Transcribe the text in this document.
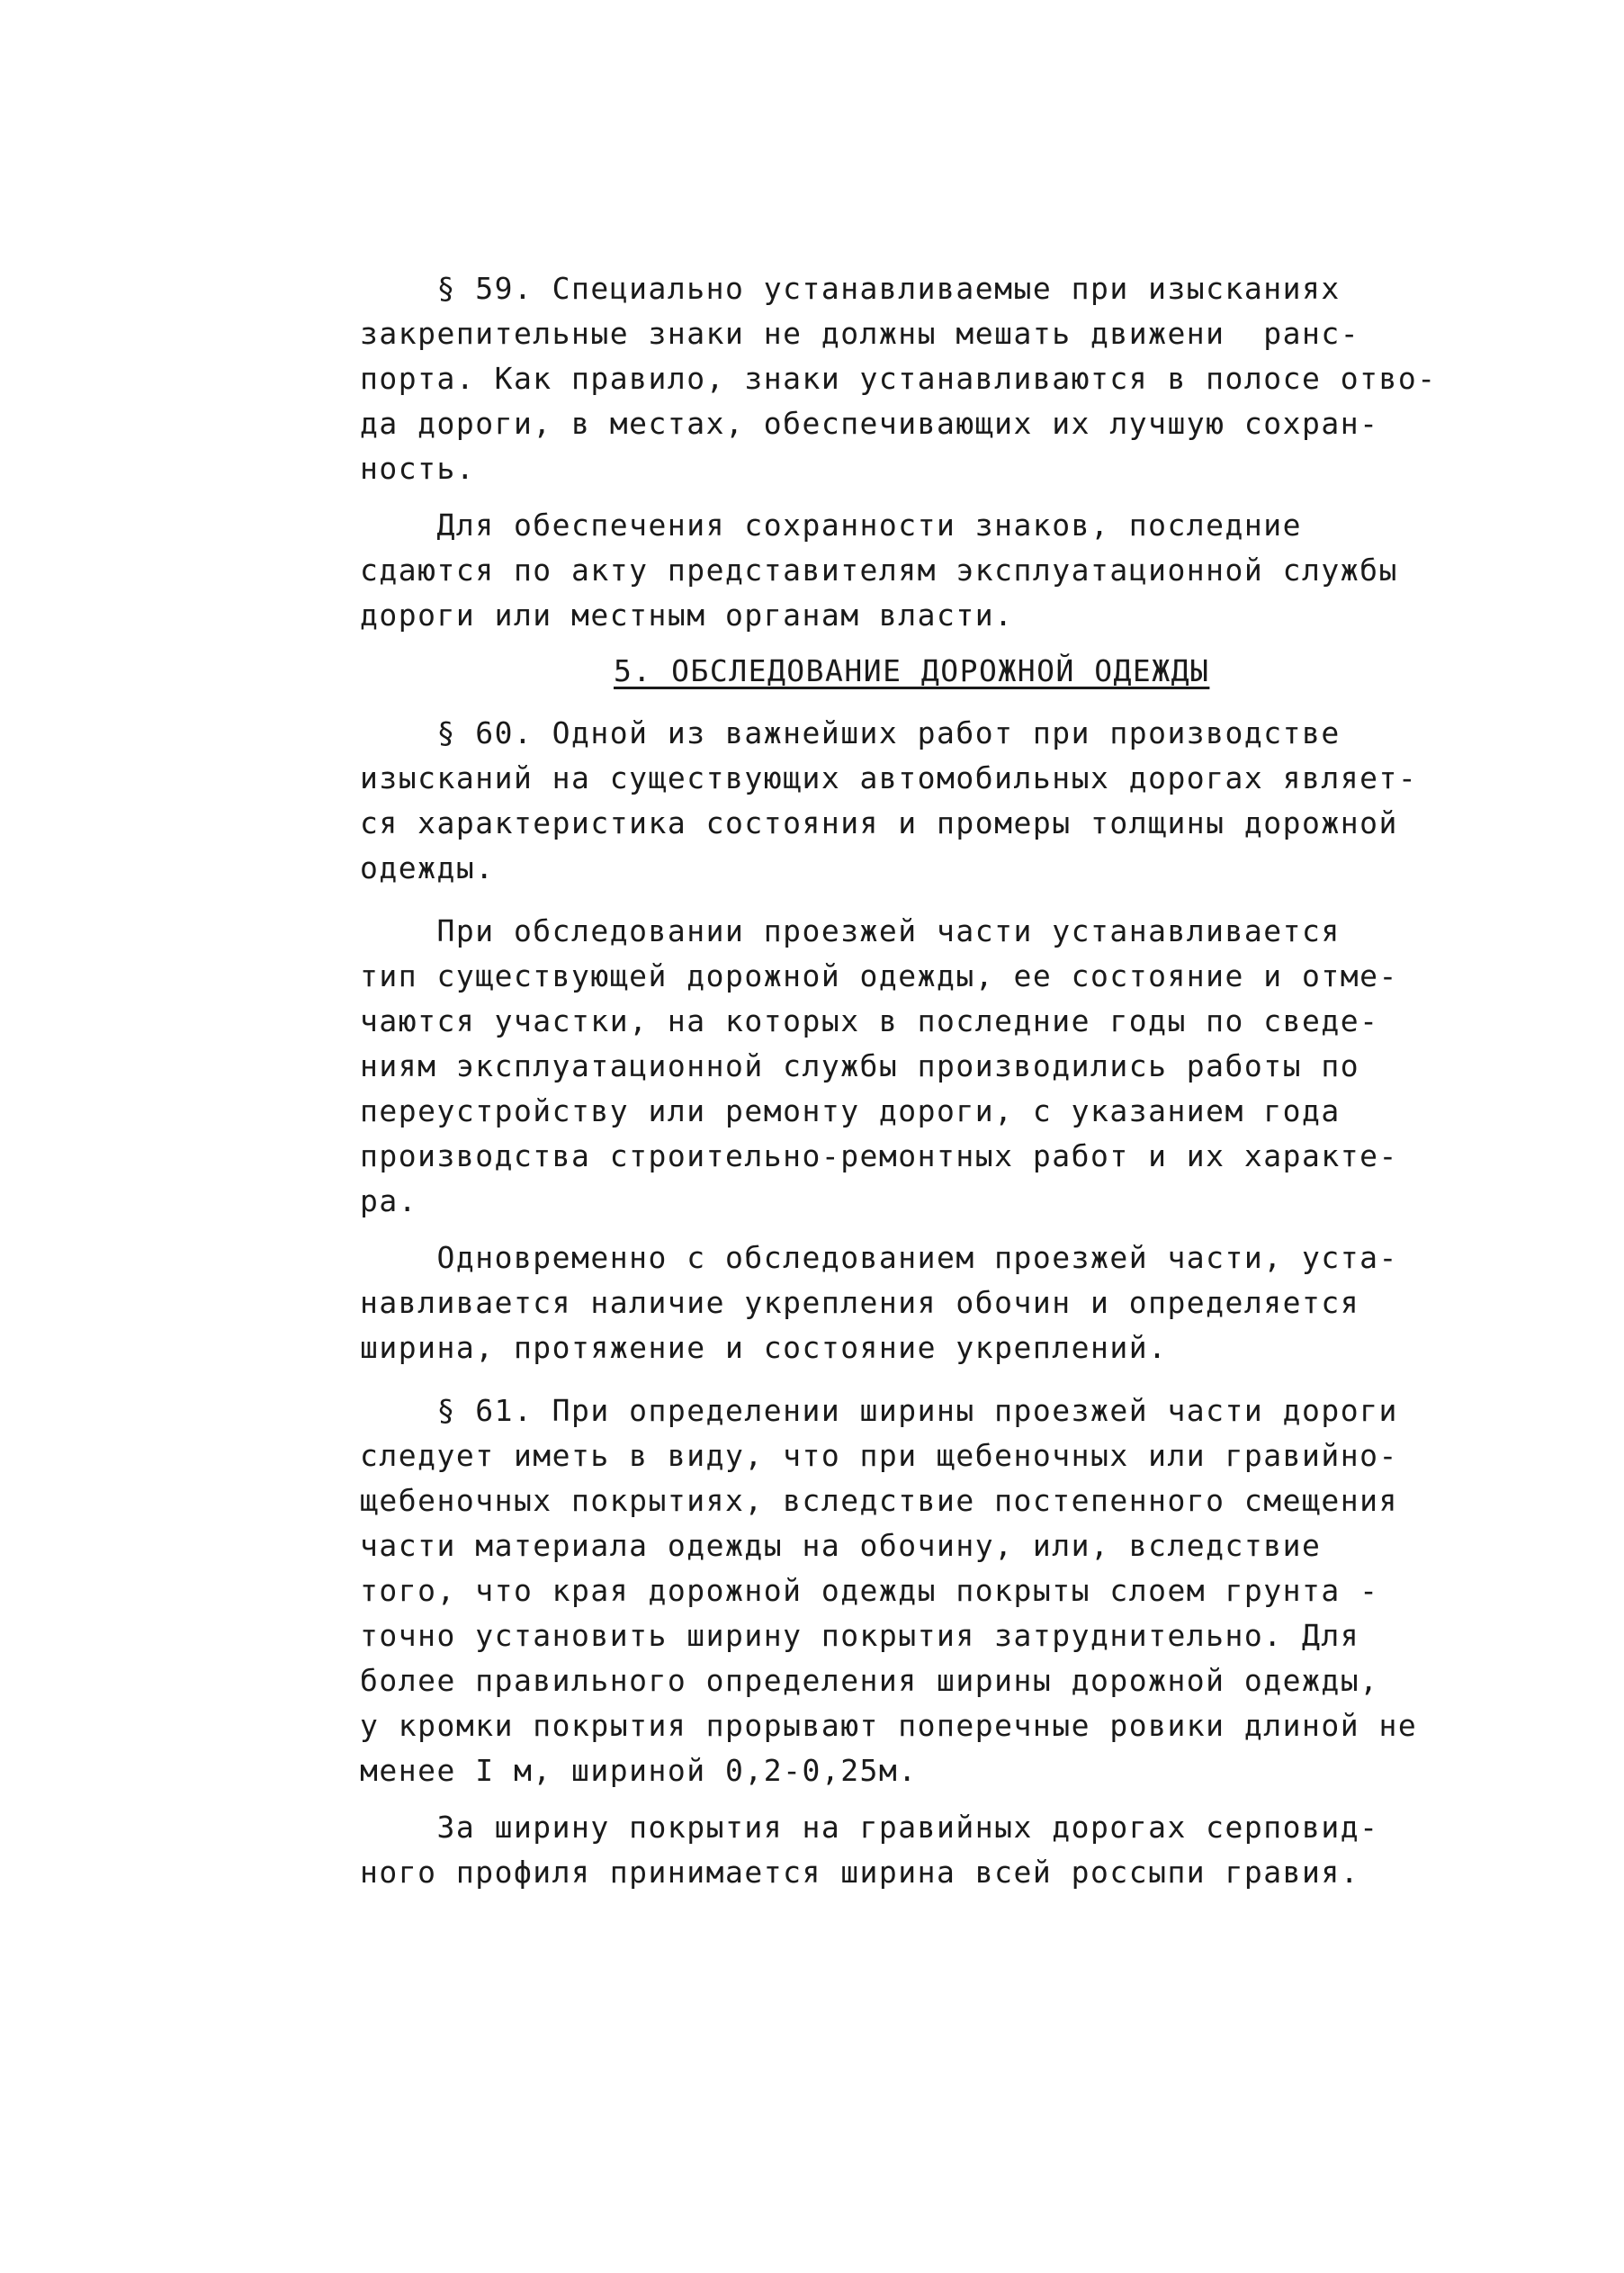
§ 59. Специально устанавливаемые при изысканиях
закрепительные знаки не должны мешать движени  ранс-
порта. Как правило, знаки устанавливаются в полосе отво-
да дороги, в местах, обеспечивающих их лучшую сохран-
ность.
Для обеспечения сохранности знаков, последние
сдаются по акту представителям эксплуатационной службы
дороги или местным органам власти.
5. ОБСЛЕДОВАНИЕ ДОРОЖНОЙ ОДЕЖДЫ
§ 60. Одной из важнейших работ при производстве
изысканий на существующих автомобильных дорогах являет-
ся характеристика состояния и промеры толщины дорожной
одежды.
При обследовании проезжей части устанавливается
тип существующей дорожной одежды, ее состояние и отме-
чаются участки, на которых в последние годы по сведе-
ниям эксплуатационной службы производились работы по
переустройству или ремонту дороги, с указанием года
производства строительно-ремонтных работ и их характе-
ра.
Одновременно с обследованием проезжей части, уста-
навливается наличие укрепления обочин и определяется
ширина, протяжение и состояние укреплений.
§ 61. При определении ширины проезжей части дороги
следует иметь в виду, что при щебеночных или гравийно-
щебеночных покрытиях, вследствие постепенного смещения
части материала одежды на обочину, или, вследствие
того, что края дорожной одежды покрыты слоем грунта -
точно установить ширину покрытия затруднительно. Для
более правильного определения ширины дорожной одежды,
у кромки покрытия прорывают поперечные ровики длиной не
менее I м, шириной 0,2-0,25м.
За ширину покрытия на гравийных дорогах серповид-
ного профиля принимается ширина всей россыпи гравия.
